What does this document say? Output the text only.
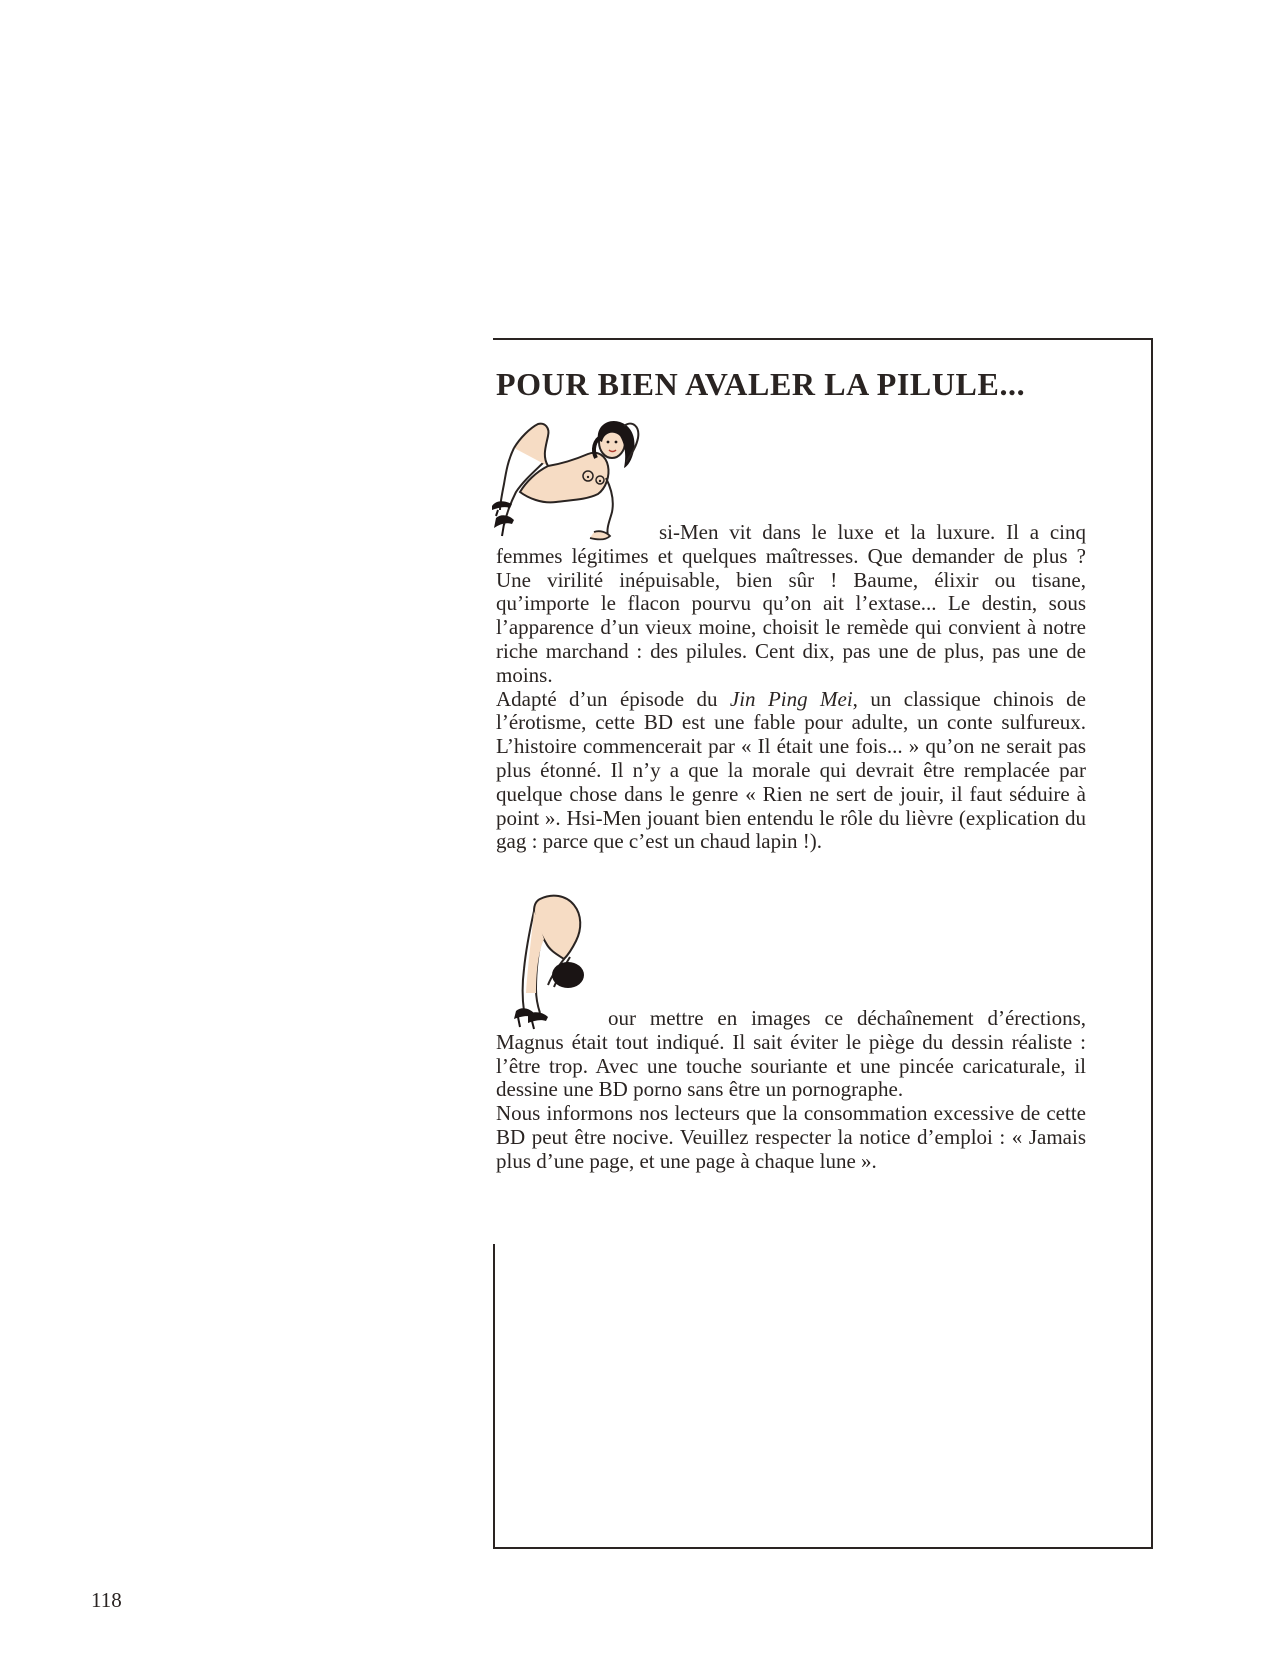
POUR BIEN AVALER LA PILULE...

si-Men vit dans le luxe et la luxure. Il a cinq femmes légitimes et quelques maîtresses. Que demander de plus ? Une virilité inépuisable, bien sûr ! Baume, élixir ou tisane, qu’importe le flacon pourvu qu’on ait l’extase... Le destin, sous l’apparence d’un vieux moine, choisit le remède qui convient à notre riche marchand : des pilules. Cent dix, pas une de plus, pas une de moins.

Adapté d’un épisode du Jin Ping Mei, un classique chinois de l’érotisme, cette BD est une fable pour adulte, un conte sulfureux. L’histoire commencerait par « Il était une fois... » qu’on ne serait pas plus étonné. Il n’y a que la morale qui devrait être remplacée par quelque chose dans le genre « Rien ne sert de jouir, il faut séduire à point ». Hsi-Men jouant bien entendu le rôle du lièvre (explication du gag : parce que c’est un chaud lapin !).

our mettre en images ce déchaînement d’érections, Magnus était tout indiqué. Il sait éviter le piège du dessin réaliste : l’être trop. Avec une touche souriante et une pincée caricaturale, il dessine une BD porno sans être un pornographe.

Nous informons nos lecteurs que la consommation excessive de cette BD peut être nocive. Veuillez respecter la notice d’emploi : « Jamais plus d’une page, et une page à chaque lune ».

118
